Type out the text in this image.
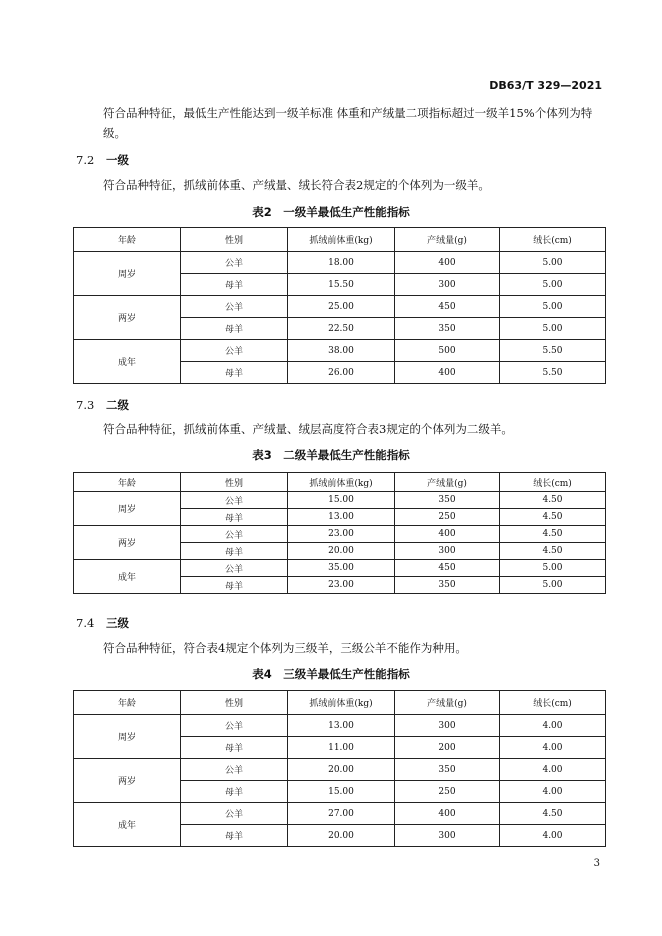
DB63/T 329—2021
符合品种特征，最低生产性能达到一级羊标准 体重和产绒量二项指标超过一级羊15%个体列为特级。
7.2 一级
符合品种特征，抓绒前体重、产绒量、绒长符合表2规定的个体列为一级羊。
表2　一级羊最低生产性能指标
年龄	性别	抓绒前体重(kg)	产绒量(g)	绒长(cm)
周岁	公羊	18.00	400	5.00
	母羊	15.50	300	5.00
两岁	公羊	25.00	450	5.00
	母羊	22.50	350	5.00
成年	公羊	38.00	500	5.50
	母羊	26.00	400	5.50
7.3 二级
符合品种特征，抓绒前体重、产绒量、绒层高度符合表3规定的个体列为二级羊。
表3　二级羊最低生产性能指标
年龄	性别	抓绒前体重(kg)	产绒量(g)	绒长(cm)
周岁	公羊	15.00	350	4.50
	母羊	13.00	250	4.50
两岁	公羊	23.00	400	4.50
	母羊	20.00	300	4.50
成年	公羊	35.00	450	5.00
	母羊	23.00	350	5.00
7.4 三级
符合品种特征，符合表4规定个体列为三级羊，三级公羊不能作为种用。
表4　三级羊最低生产性能指标
年龄	性别	抓绒前体重(kg)	产绒量(g)	绒长(cm)
周岁	公羊	13.00	300	4.00
	母羊	11.00	200	4.00
两岁	公羊	20.00	350	4.00
	母羊	15.00	250	4.00
成年	公羊	27.00	400	4.50
	母羊	20.00	300	4.00
3
